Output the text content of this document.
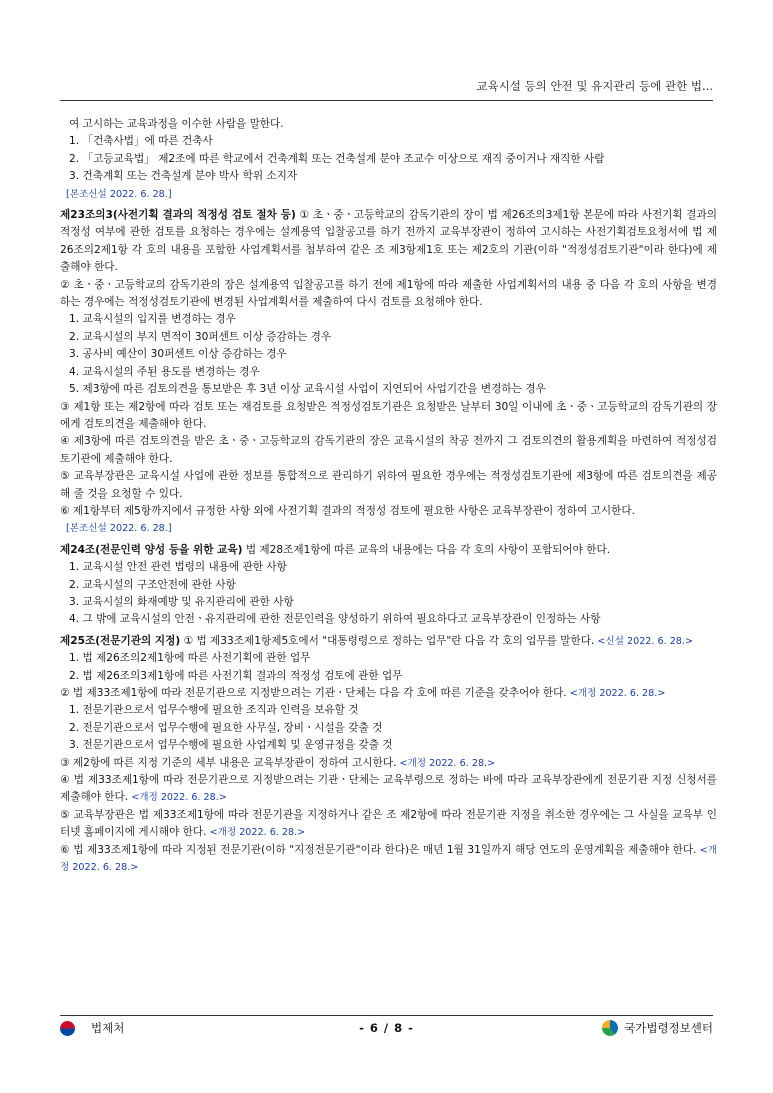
교육시설 등의 안전 및 유지관리 등에 관한 법...

여 고시하는 교육과정을 이수한 사람을 말한다.

1. 「건축사법」에 따른 건축사

2. 「고등교육법」 제2조에 따른 학교에서 건축계획 또는 건축설계 분야 조교수 이상으로 재직 중이거나 재직한 사람

3. 건축계획 또는 건축설계 분야 박사 학위 소지자

[본조신설 2022. 6. 28.]

제23조의3(사전기획 결과의 적정성 검토 절차 등) ① 초ㆍ중ㆍ고등학교의 감독기관의 장이 법 제26조의3제1항 본문에 따라 사전기획 결과의 적정성 여부에 관한 검토를 요청하는 경우에는 설계용역 입찰공고를 하기 전까지 교육부장관이 정하여 고시하는 사전기획검토요청서에 법 제26조의2제1항 각 호의 내용을 포함한 사업계획서를 첨부하여 같은 조 제3항제1호 또는 제2호의 기관(이하 "적정성검토기관"이라 한다)에 제출해야 한다.

② 초ㆍ중ㆍ고등학교의 감독기관의 장은 설계용역 입찰공고를 하기 전에 제1항에 따라 제출한 사업계획서의 내용 중 다음 각 호의 사항을 변경하는 경우에는 적정성검토기관에 변경된 사업계획서를 제출하여 다시 검토를 요청해야 한다.

1. 교육시설의 입지를 변경하는 경우

2. 교육시설의 부지 면적이 30퍼센트 이상 증감하는 경우

3. 공사비 예산이 30퍼센트 이상 증감하는 경우

4. 교육시설의 주된 용도를 변경하는 경우

5. 제3항에 따른 검토의견을 통보받은 후 3년 이상 교육시설 사업이 지연되어 사업기간을 변경하는 경우

③ 제1항 또는 제2항에 따라 검토 또는 재검토를 요청받은 적정성검토기관은 요청받은 날부터 30일 이내에 초ㆍ중ㆍ고등학교의 감독기관의 장에게 검토의견을 제출해야 한다.

④ 제3항에 따른 검토의견을 받은 초ㆍ중ㆍ고등학교의 감독기관의 장은 교육시설의 착공 전까지 그 검토의견의 활용계획을 마련하여 적정성검토기관에 제출해야 한다.

⑤ 교육부장관은 교육시설 사업에 관한 정보를 통합적으로 관리하기 위하여 필요한 경우에는 적정성검토기관에 제3항에 따른 검토의견을 제공해 줄 것을 요청할 수 있다.

⑥ 제1항부터 제5항까지에서 규정한 사항 외에 사전기획 결과의 적정성 검토에 필요한 사항은 교육부장관이 정하여 고시한다.

[본조신설 2022. 6. 28.]

제24조(전문인력 양성 등을 위한 교육) 법 제28조제1항에 따른 교육의 내용에는 다음 각 호의 사항이 포함되어야 한다.

1. 교육시설 안전 관련 법령의 내용에 관한 사항

2. 교육시설의 구조안전에 관한 사항

3. 교육시설의 화재예방 및 유지관리에 관한 사항

4. 그 밖에 교육시설의 안전ㆍ유지관리에 관한 전문인력을 양성하기 위하여 필요하다고 교육부장관이 인정하는 사항

제25조(전문기관의 지정) ① 법 제33조제1항제5호에서 "대통령령으로 정하는 업무"란 다음 각 호의 업무를 말한다. <신설 2022. 6. 28.>

1. 법 제26조의2제1항에 따른 사전기획에 관한 업무

2. 법 제26조의3제1항에 따른 사전기획 결과의 적정성 검토에 관한 업무

② 법 제33조제1항에 따라 전문기관으로 지정받으려는 기관ㆍ단체는 다음 각 호에 따른 기준을 갖추어야 한다. <개정 2022. 6. 28.>

1. 전문기관으로서 업무수행에 필요한 조직과 인력을 보유할 것

2. 전문기관으로서 업무수행에 필요한 사무실, 장비ㆍ시설을 갖출 것

3. 전문기관으로서 업무수행에 필요한 사업계획 및 운영규정을 갖출 것

③ 제2항에 따른 지정 기준의 세부 내용은 교육부장관이 정하여 고시한다. <개정 2022. 6. 28.>

④ 법 제33조제1항에 따라 전문기관으로 지정받으려는 기관ㆍ단체는 교육부령으로 정하는 바에 따라 교육부장관에게 전문기관 지정 신청서를 제출해야 한다. <개정 2022. 6. 28.>

⑤ 교육부장관은 법 제33조제1항에 따라 전문기관을 지정하거나 같은 조 제2항에 따라 전문기관 지정을 취소한 경우에는 그 사실을 교육부 인터넷 홈페이지에 게시해야 한다. <개정 2022. 6. 28.>

⑥ 법 제33조제1항에 따라 지정된 전문기관(이하 "지정전문기관"이라 한다)은 매년 1월 31일까지 해당 연도의 운영계획을 제출해야 한다. <개정 2022. 6. 28.>

법제처	- 6 / 8 -	국가법령정보센터
